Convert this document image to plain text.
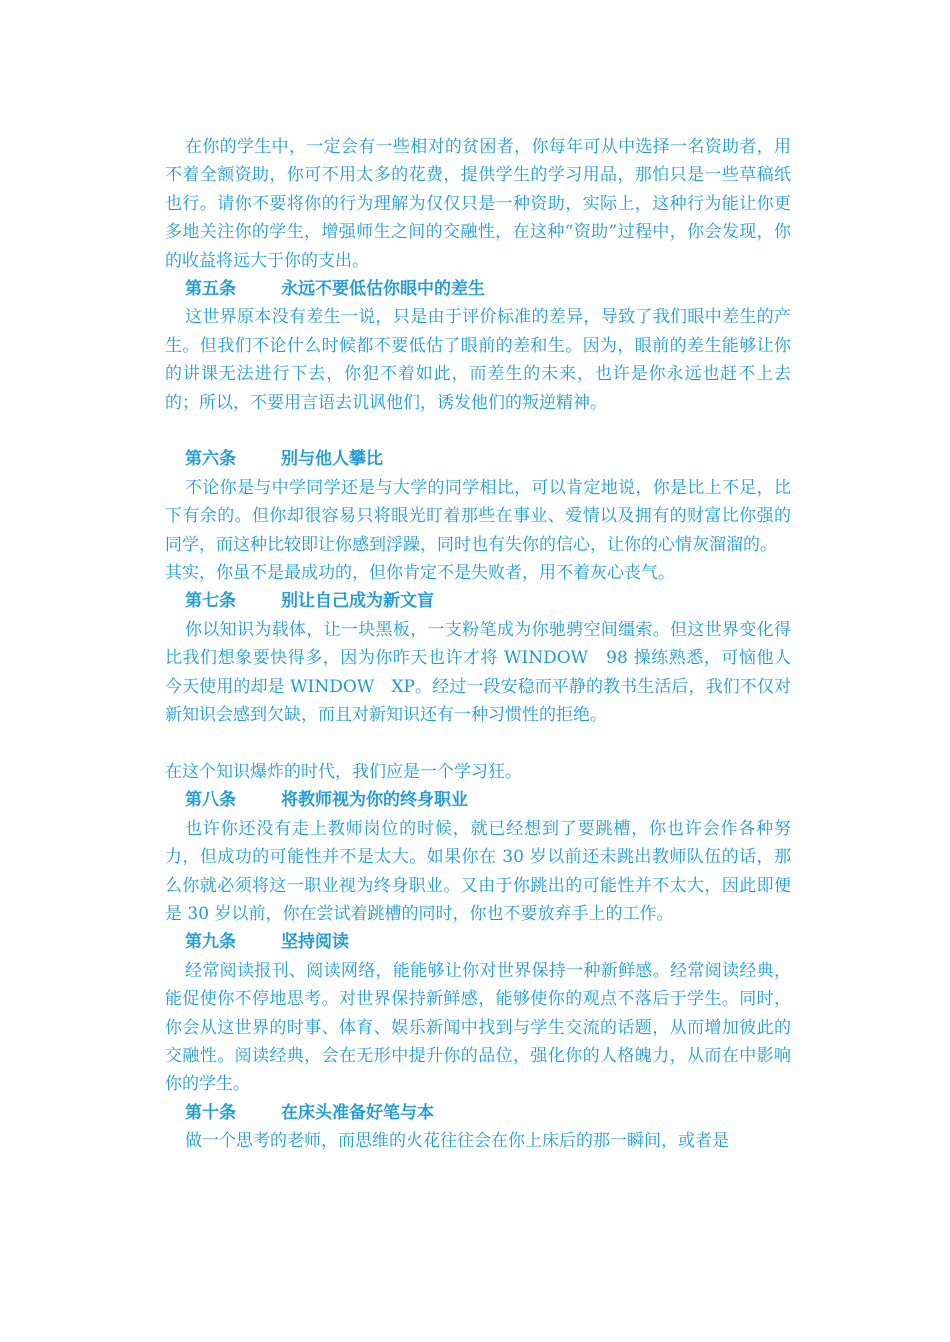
在你的学生中，一定会有一些相对的贫困者，你每年可从中选择一名资助者，用不着全额资助，你可不用太多的花费，提供学生的学习用品，那怕只是一些草稿纸也行。请你不要将你的行为理解为仅仅只是一种资助，实际上，这种行为能让你更多地关注你的学生，增强师生之间的交融性，在这种“资助”过程中，你会发现，你的收益将远大于你的支出。

第五条	永远不要低估你眼中的差生

这世界原本没有差生一说，只是由于评价标准的差异，导致了我们眼中差生的产生。但我们不论什么时候都不要低估了眼前的差和生。因为，眼前的差生能够让你的讲课无法进行下去，你犯不着如此，而差生的未来，也许是你永远也赶不上去的；所以，不要用言语去讥讽他们，诱发他们的叛逆精神。

第六条	别与他人攀比

不论你是与中学同学还是与大学的同学相比，可以肯定地说，你是比上不足，比下有余的。但你却很容易只将眼光盯着那些在事业、爱情以及拥有的财富比你强的同学，而这种比较即让你感到浮躁，同时也有失你的信心，让你的心情灰溜溜的。

其实，你虽不是最成功的，但你肯定不是失败者，用不着灰心丧气。

第七条	别让自己成为新文盲

你以知识为载体，让一块黑板，一支粉笔成为你驰骋空间缰索。但这世界变化得比我们想象要快得多，因为你昨天也许才将 WINDOW　98 操练熟悉，可恼他人今天使用的却是 WINDOW　XP。经过一段安稳而平静的教书生活后，我们不仅对新知识会感到欠缺，而且对新知识还有一种习惯性的拒绝。

在这个知识爆炸的时代，我们应是一个学习狂。

第八条	将教师视为你的终身职业

也许你还没有走上教师岗位的时候，就已经想到了要跳槽，你也许会作各种努力，但成功的可能性并不是太大。如果你在 30 岁以前还未跳出教师队伍的话，那么你就必须将这一职业视为终身职业。又由于你跳出的可能性并不太大，因此即便是 30 岁以前，你在尝试着跳槽的同时，你也不要放弃手上的工作。

第九条	坚持阅读

经常阅读报刊、阅读网络，能能够让你对世界保持一种新鲜感。经常阅读经典，能促使你不停地思考。对世界保持新鲜感，能够使你的观点不落后于学生。同时，你会从这世界的时事、体育、娱乐新闻中找到与学生交流的话题，从而增加彼此的交融性。阅读经典，会在无形中提升你的品位，强化你的人格魄力，从而在中影响你的学生。

第十条	在床头准备好笔与本

做一个思考的老师，而思维的火花往往会在你上床后的那一瞬间，或者是
